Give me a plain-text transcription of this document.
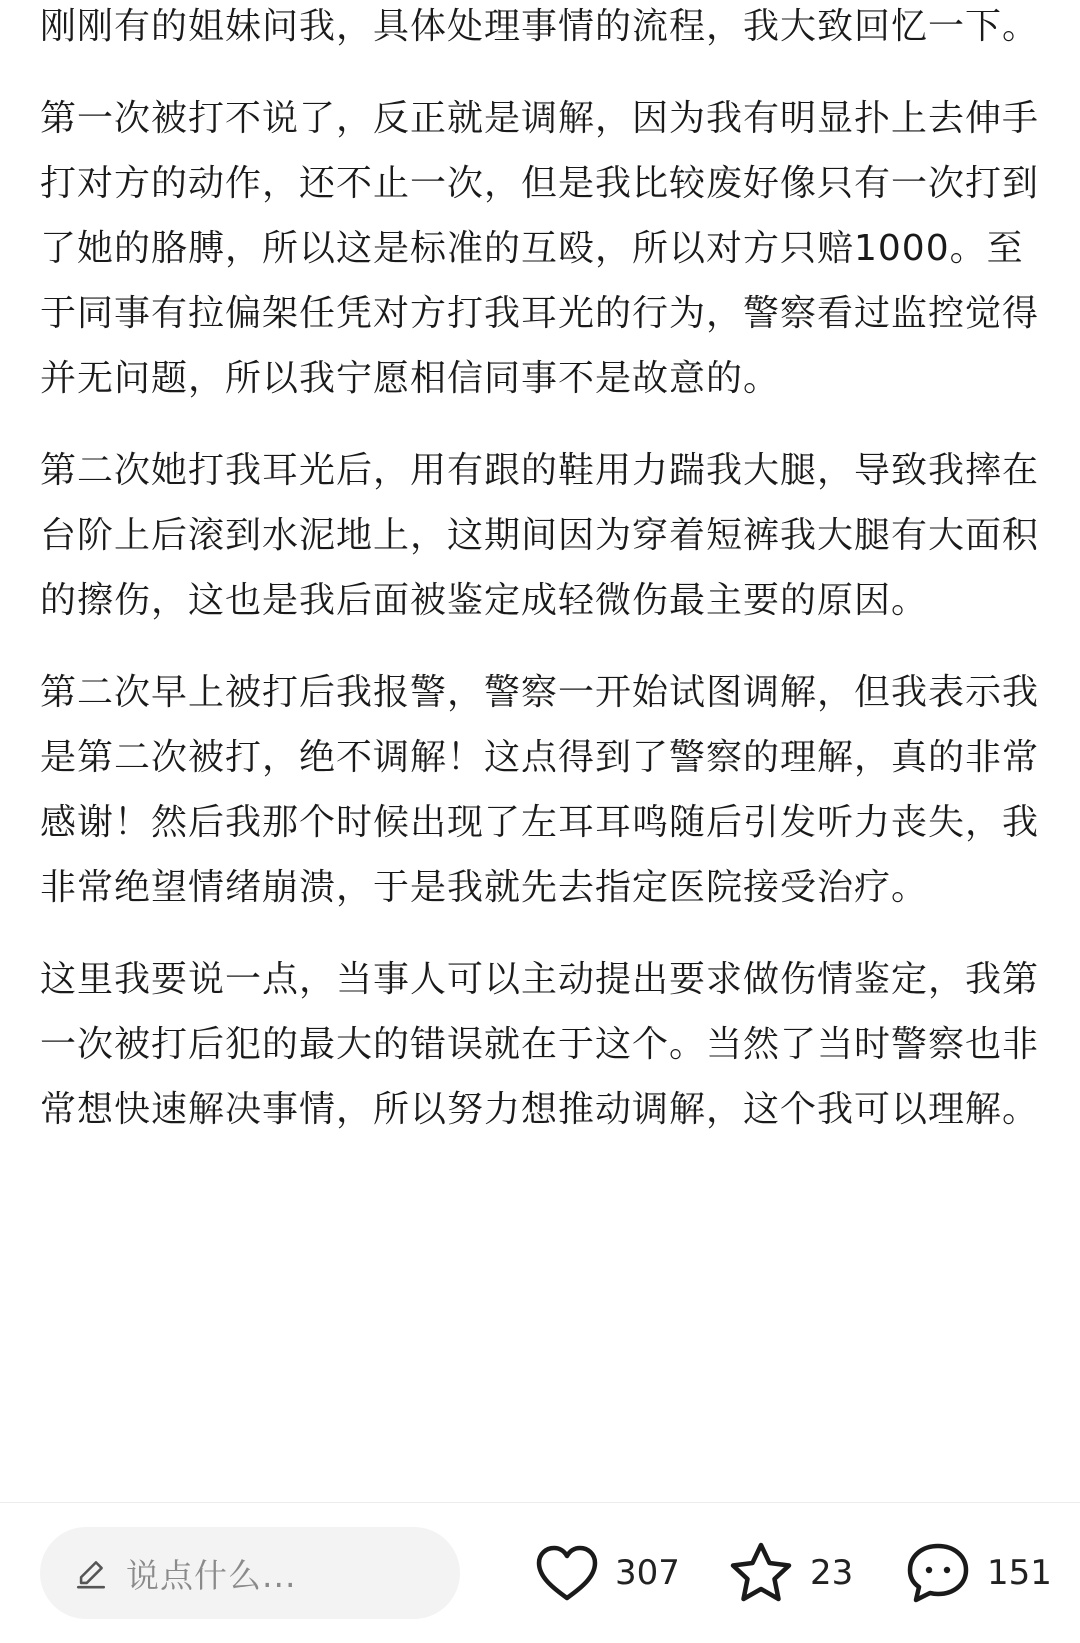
刚刚有的姐妹问我，具体处理事情的流程，我大致回忆一下。

第一次被打不说了，反正就是调解，因为我有明显扑上去伸手打对方的动作，还不止一次，但是我比较废好像只有一次打到了她的胳膊，所以这是标准的互殴，所以对方只赔1000。至于同事有拉偏架任凭对方打我耳光的行为，警察看过监控觉得并无问题，所以我宁愿相信同事不是故意的。

第二次她打我耳光后，用有跟的鞋用力踹我大腿，导致我摔在台阶上后滚到水泥地上，这期间因为穿着短裤我大腿有大面积的擦伤，这也是我后面被鉴定成轻微伤最主要的原因。

第二次早上被打后我报警，警察一开始试图调解，但我表示我是第二次被打，绝不调解！这点得到了警察的理解，真的非常感谢！然后我那个时候出现了左耳耳鸣随后引发听力丧失，我非常绝望情绪崩溃，于是我就先去指定医院接受治疗。

这里我要说一点，当事人可以主动提出要求做伤情鉴定，我第一次被打后犯的最大的错误就在于这个。当然了当时警察也非常想快速解决事情，所以努力想推动调解，这个我可以理解。

说点什么...	307	23	151
